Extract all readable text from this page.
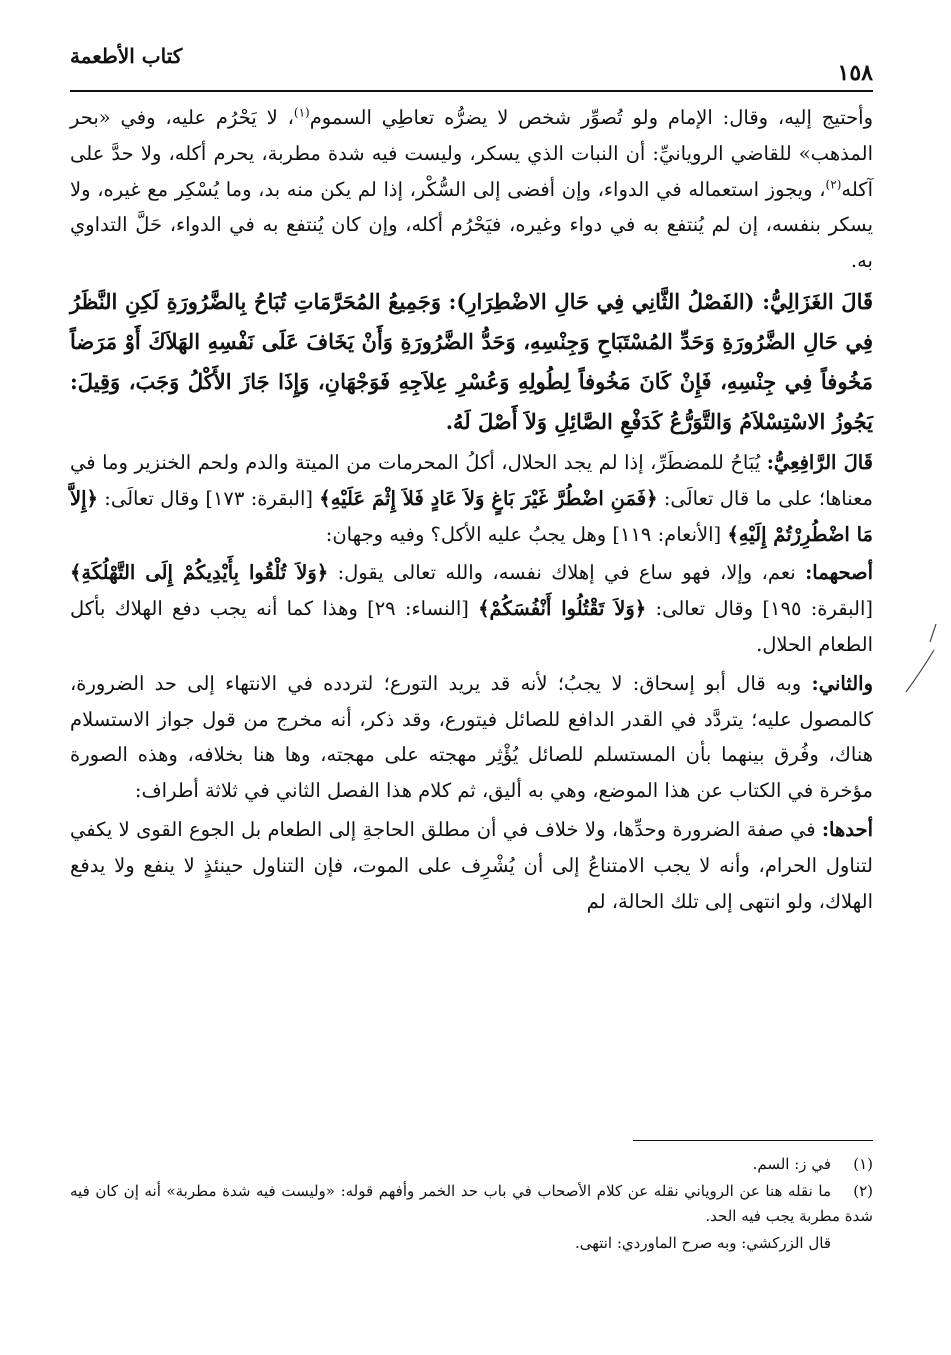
١٥٨
كتاب الأطعمة

وأحتيج إليه، وقال: الإمام ولو تُصوِّر شخص لا يضرُّه تعاطِي السموم$^{(١)}$، لا يَحْرُم عليه، وفي «بحر المذهب» للقاضي الرويانيِّ: أن النبات الذي يسكر، وليست فيه شدة مطربة، يحرم أكله، ولا حدَّ على آكله$^{(٢)}$، ويجوز استعماله في الدواء، وإن أفضى إلى السُّكْر، إذا لم يكن منه بد، وما يُسْكِر مع غيره، ولا يسكر بنفسه، إن لم يُنتفع به في دواء وغيره، فيَحْرُم أكله، وإن كان يُنتفع به في الدواء، حَلَّ التداوي به.

قَالَ الغَزَالِيُّ: (الفَصْلُ الثَّانِي فِي حَالِ الاضْطِرَارِ): وَجَمِيعُ المُحَرَّمَاتِ تُبَاحُ بِالضَّرُورَةِ لَكِنِ النَّظَرُ فِي حَالِ الضَّرُورَةِ وَحَدِّ المُسْتَبَاحِ وَجِنْسِهِ، وَحَدُّ الضَّرُورَةِ وَأَنْ يَخَافَ عَلَى نَفْسِهِ الهَلاَكَ أَوْ مَرَضاً مَخُوفاً فِي جِنْسِهِ، فَإِنْ كَانَ مَخُوفاً لِطُولِهِ وَعُسْرِ عِلاَجِهِ فَوَجْهَانِ، وَإِذَا جَازَ الأَكْلُ وَجَبَ، وَقِيلَ: يَجُوزُ الاسْتِسْلاَمُ وَالتَّوَرُّعُ كَدَفْعِ الصَّائِلِ وَلاَ أَصْلَ لَهُ.

قَالَ الرَّافِعِيُّ: يُبَاحُ للمضطَرِّ، إذا لم يجد الحلال، أكلُ المحرمات من الميتة والدم ولحم الخنزير وما في معناها؛ على ما قال تعالَى: ﴿فَمَنِ اضْطُرَّ غَيْرَ بَاغٍ وَلاَ عَادٍ فَلاَ إِثْمَ عَلَيْهِ﴾ [البقرة: ١٧٣] وقال تعالَى: ﴿إِلاَّ مَا اضْطُرِرْتُمْ إِلَيْهِ﴾ [الأنعام: ١١٩] وهل يجبُ عليه الأكل؟ وفيه وجهان:

أصحهما: نعم، وإلا، فهو ساع في إهلاك نفسه، والله تعالى يقول: ﴿وَلاَ تُلْقُوا بِأَيْدِيكُمْ إِلَى التَّهْلُكَةِ﴾ [البقرة: ١٩٥] وقال تعالى: ﴿وَلاَ تَقْتُلُوا أَنْفُسَكُمْ﴾ [النساء: ٢٩] وهذا كما أنه يجب دفع الهلاك بأكل الطعام الحلال.

والثاني: وبه قال أبو إسحاق: لا يجبُ؛ لأنه قد يريد التورع؛ لتردده في الانتهاء إلى حد الضرورة، كالمصول عليه؛ يتردَّد في القدر الدافع للصائل فيتورع، وقد ذكر، أنه مخرج من قول جواز الاستسلام هناك، وفُرق بينهما بأن المستسلم للصائل يُؤْثِر مهجته على مهجته، وها هنا بخلافه، وهذه الصورة مؤخرة في الكتاب عن هذا الموضع، وهي به أليق، ثم كلام هذا الفصل الثاني في ثلاثة أطراف:

أحدها: في صفة الضرورة وحدِّها، ولا خلاف في أن مطلق الحاجةِ إلى الطعام بل الجوع القوى لا يكفي لتناول الحرام، وأنه لا يجب الامتناعُ إلى أن يُشْرِف على الموت، فإن التناول حينئذٍ لا ينفع ولا يدفع الهلاك، ولو انتهى إلى تلك الحالة، لم

(١)في ز: السم.
(٢)ما نقله هنا عن الروياني نقله عن كلام الأصحاب في باب حد الخمر وأفهم قوله: «وليست فيه شدة مطربة» أنه إن كان فيه شدة مطربة يجب فيه الحد.
قال الزركشي: وبه صرح الماوردي: انتهى.
